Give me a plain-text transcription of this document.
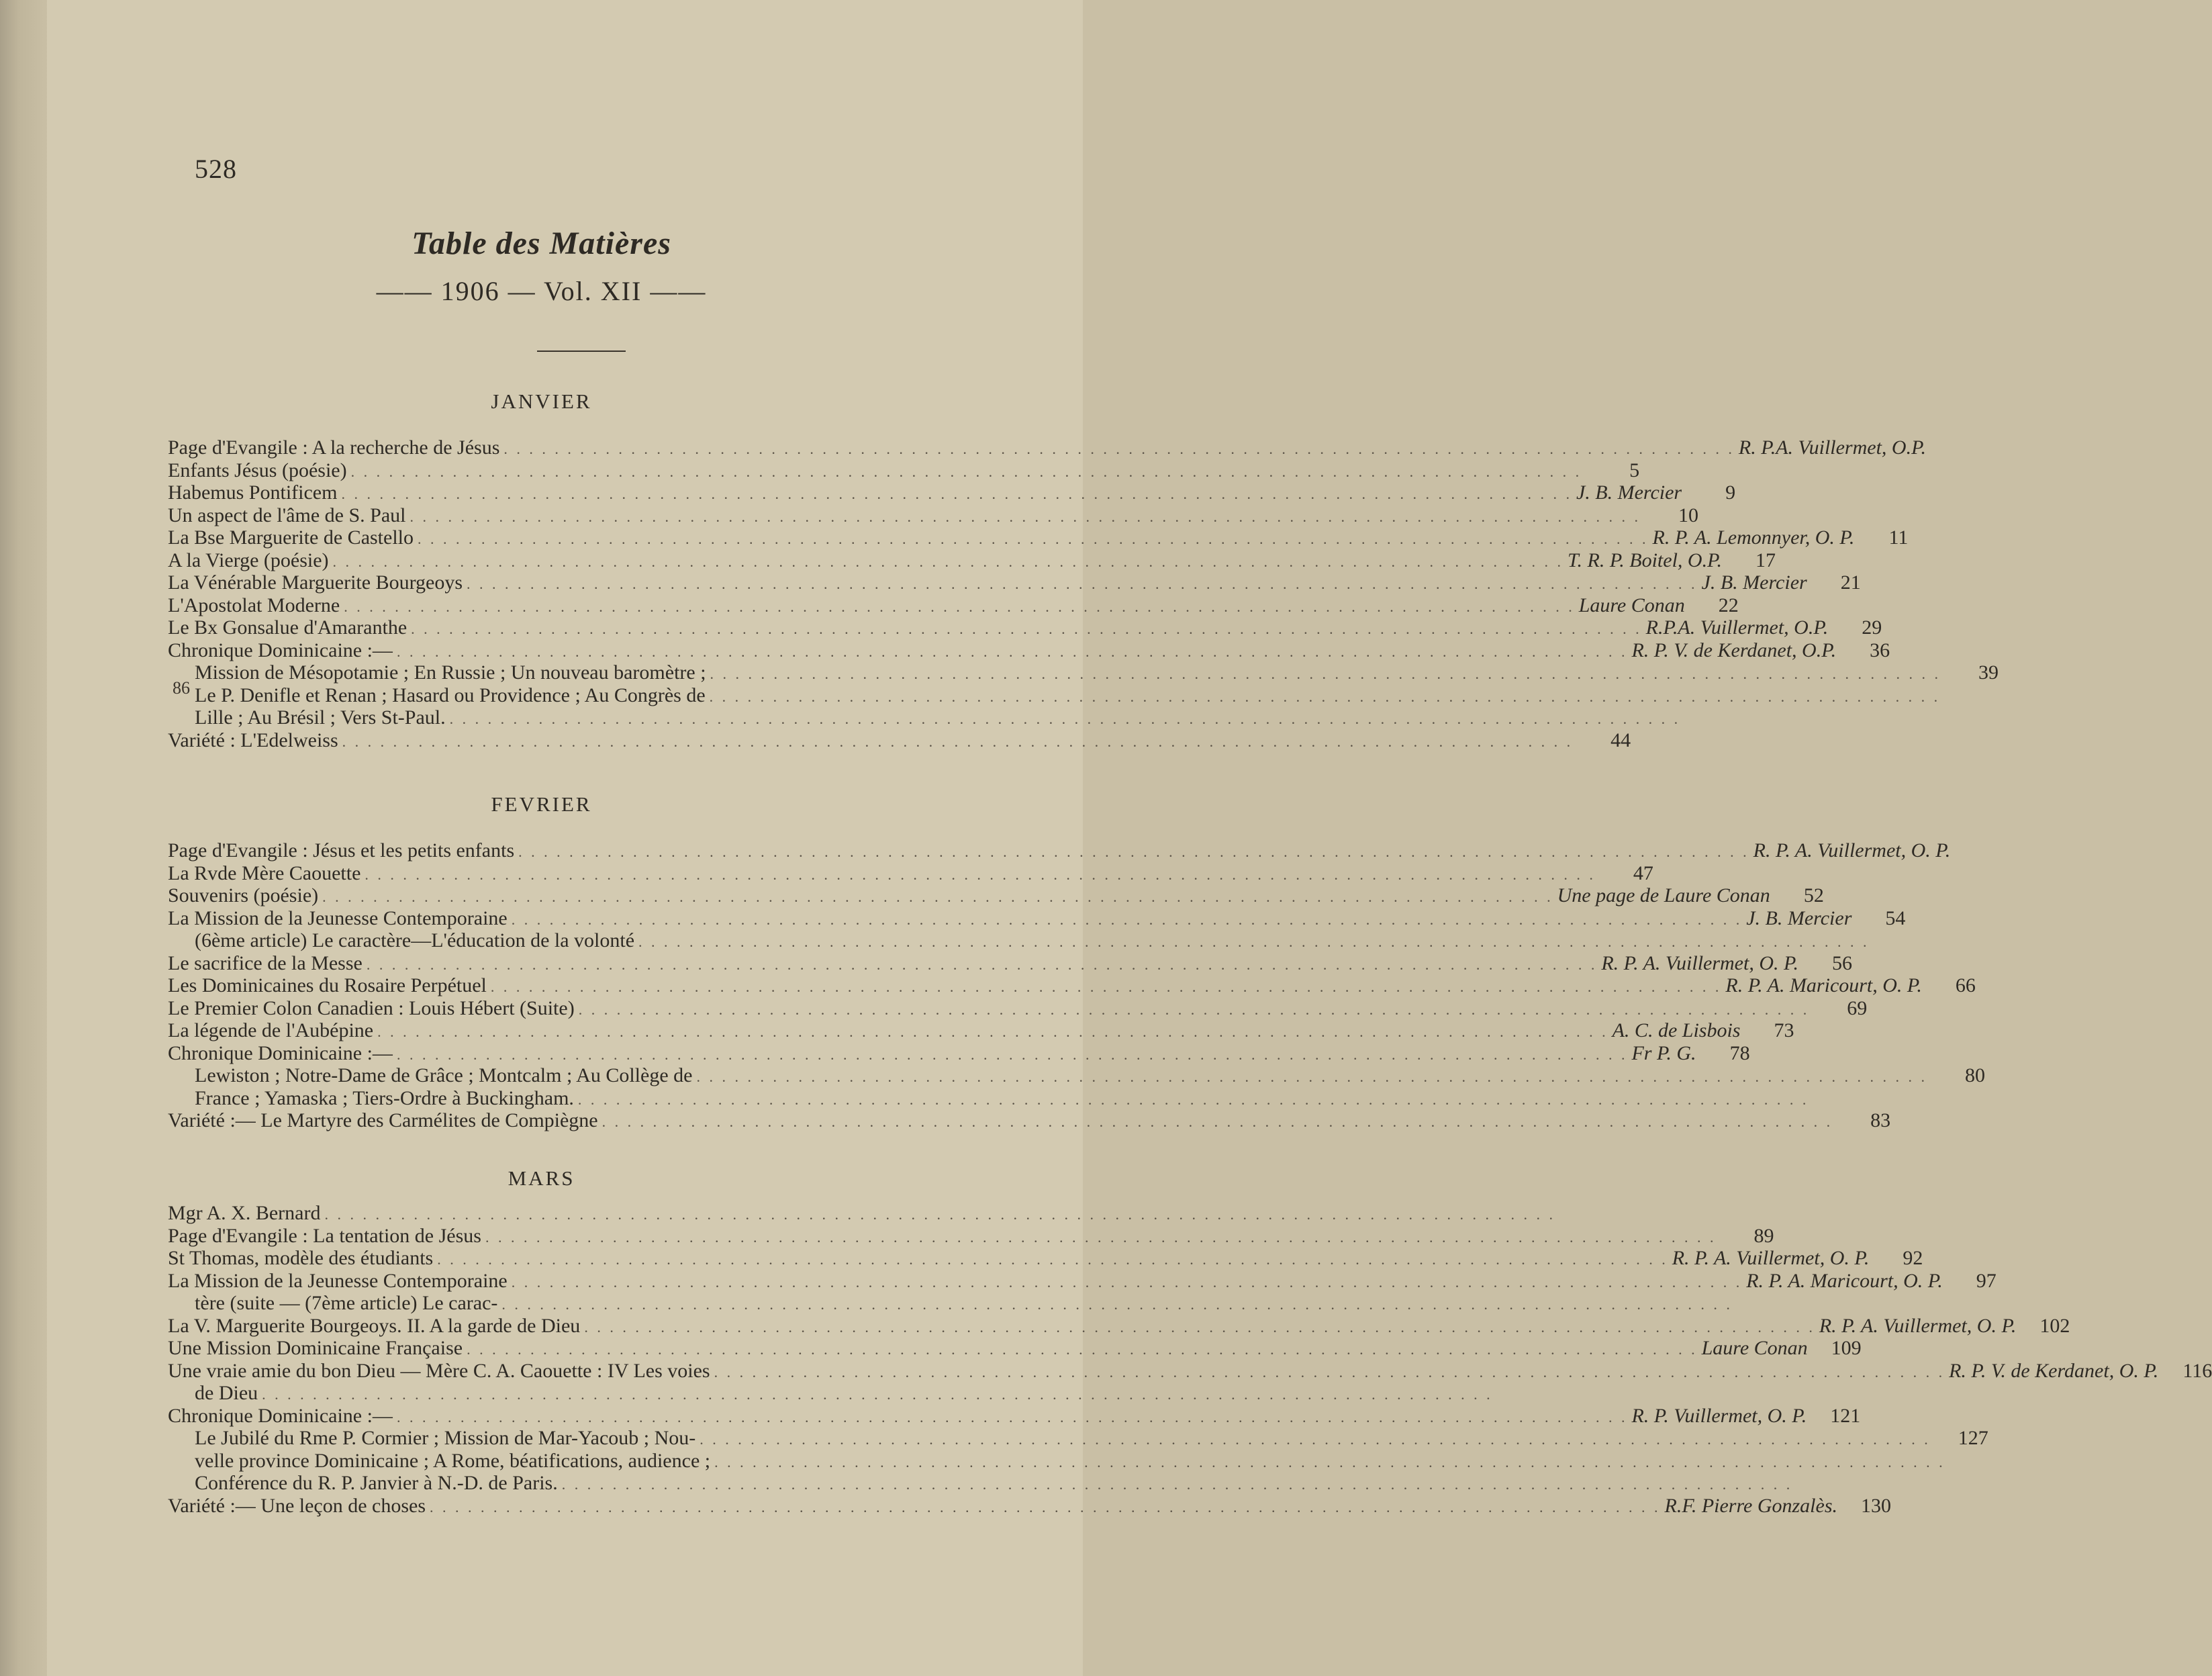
528
Table des Matières
—— 1906 — Vol. XII ——
86
JANVIER
Page d'Evangile : A la recherche de Jésus . . .	R. P.A. Vuillermet, O.P.
Enfants Jésus (poésie) . . .	5
Habemus Pontificem . . .	J. B. Mercier	9
Un aspect de l'âme de S. Paul . . .	10
La Bse Marguerite de Castello . . .	R. P. A. Lemonnyer, O. P.	11
A la Vierge (poésie) . . .	T. R. P. Boitel, O.P.	17
La Vénérable Marguerite Bourgeoys . . .	J. B. Mercier	21
L'Apostolat Moderne . . .	Laure Conan	22
Le Bx Gonsalue d'Amaranthe . . .	R.P.A. Vuillermet, O.P.	29
Chronique Dominicaine :— . . .	R. P. V. de Kerdanet, O.P.	36
Mission de Mésopotamie ; En Russie ; Un nouveau baromètre ; . . .	39
Le P. Denifle et Renan ; Hasard ou Providence ; Au Congrès de
. . .
Lille ; Au Brésil ; Vers St-Paul.
. . .
Variété : L'Edelweiss . . .	44
FEVRIER
Page d'Evangile : Jésus et les petits enfants . . .	R. P. A. Vuillermet, O. P.
La Rvde Mère Caouette . . .	47
Souvenirs (poésie) . . .	Une page de Laure Conan	52
La Mission de la Jeunesse Contemporaine . . .	J. B. Mercier	54
(6ème article) Le caractère—L'éducation de la volonté
. . .
Le sacrifice de la Messe . . .	R. P. A. Vuillermet, O. P.	56
Les Dominicaines du Rosaire Perpétuel . . .	R. P. A. Maricourt, O. P.	66
Le Premier Colon Canadien : Louis Hébert (Suite) . . .	69
La légende de l'Aubépine . . .	A. C. de Lisbois	73
Chronique Dominicaine :— . . .	Fr P. G.	78
Lewiston ; Notre-Dame de Grâce ; Montcalm ; Au Collège de . . .	80
France ; Yamaska ; Tiers-Ordre à Buckingham.
. . .
Variété :— Le Martyre des Carmélites de Compiègne . . .	83
MARS
Mgr A. X. Bernard
. . .
Page d'Evangile : La tentation de Jésus . . .	89
St Thomas, modèle des étudiants . . .	R. P. A. Vuillermet, O. P.	92
La Mission de la Jeunesse Contemporaine . . .	R. P. A. Maricourt, O. P.	97
tère (suite — (7ème article) Le carac-
. . .
La V. Marguerite Bourgeoys. II. A la garde de Dieu . . .	R. P. A. Vuillermet, O. P.	102
Une Mission Dominicaine Française . . .	Laure Conan	109
Une vraie amie du bon Dieu — Mère C. A. Caouette : IV Les voies . . .	R. P. V. de Kerdanet, O. P.	116
de Dieu
. . .
Chronique Dominicaine :— . . .	R. P. Vuillermet, O. P.	121
Le Jubilé du Rme P. Cormier ; Mission de Mar-Yacoub ; Nou- . . .	127
velle province Dominicaine ; A Rome, béatifications, audience ;
. . .
Conférence du R. P. Janvier à N.-D. de Paris.
. . .
Variété :— Une leçon de choses . . .	R.F. Pierre Gonzalès.	130
